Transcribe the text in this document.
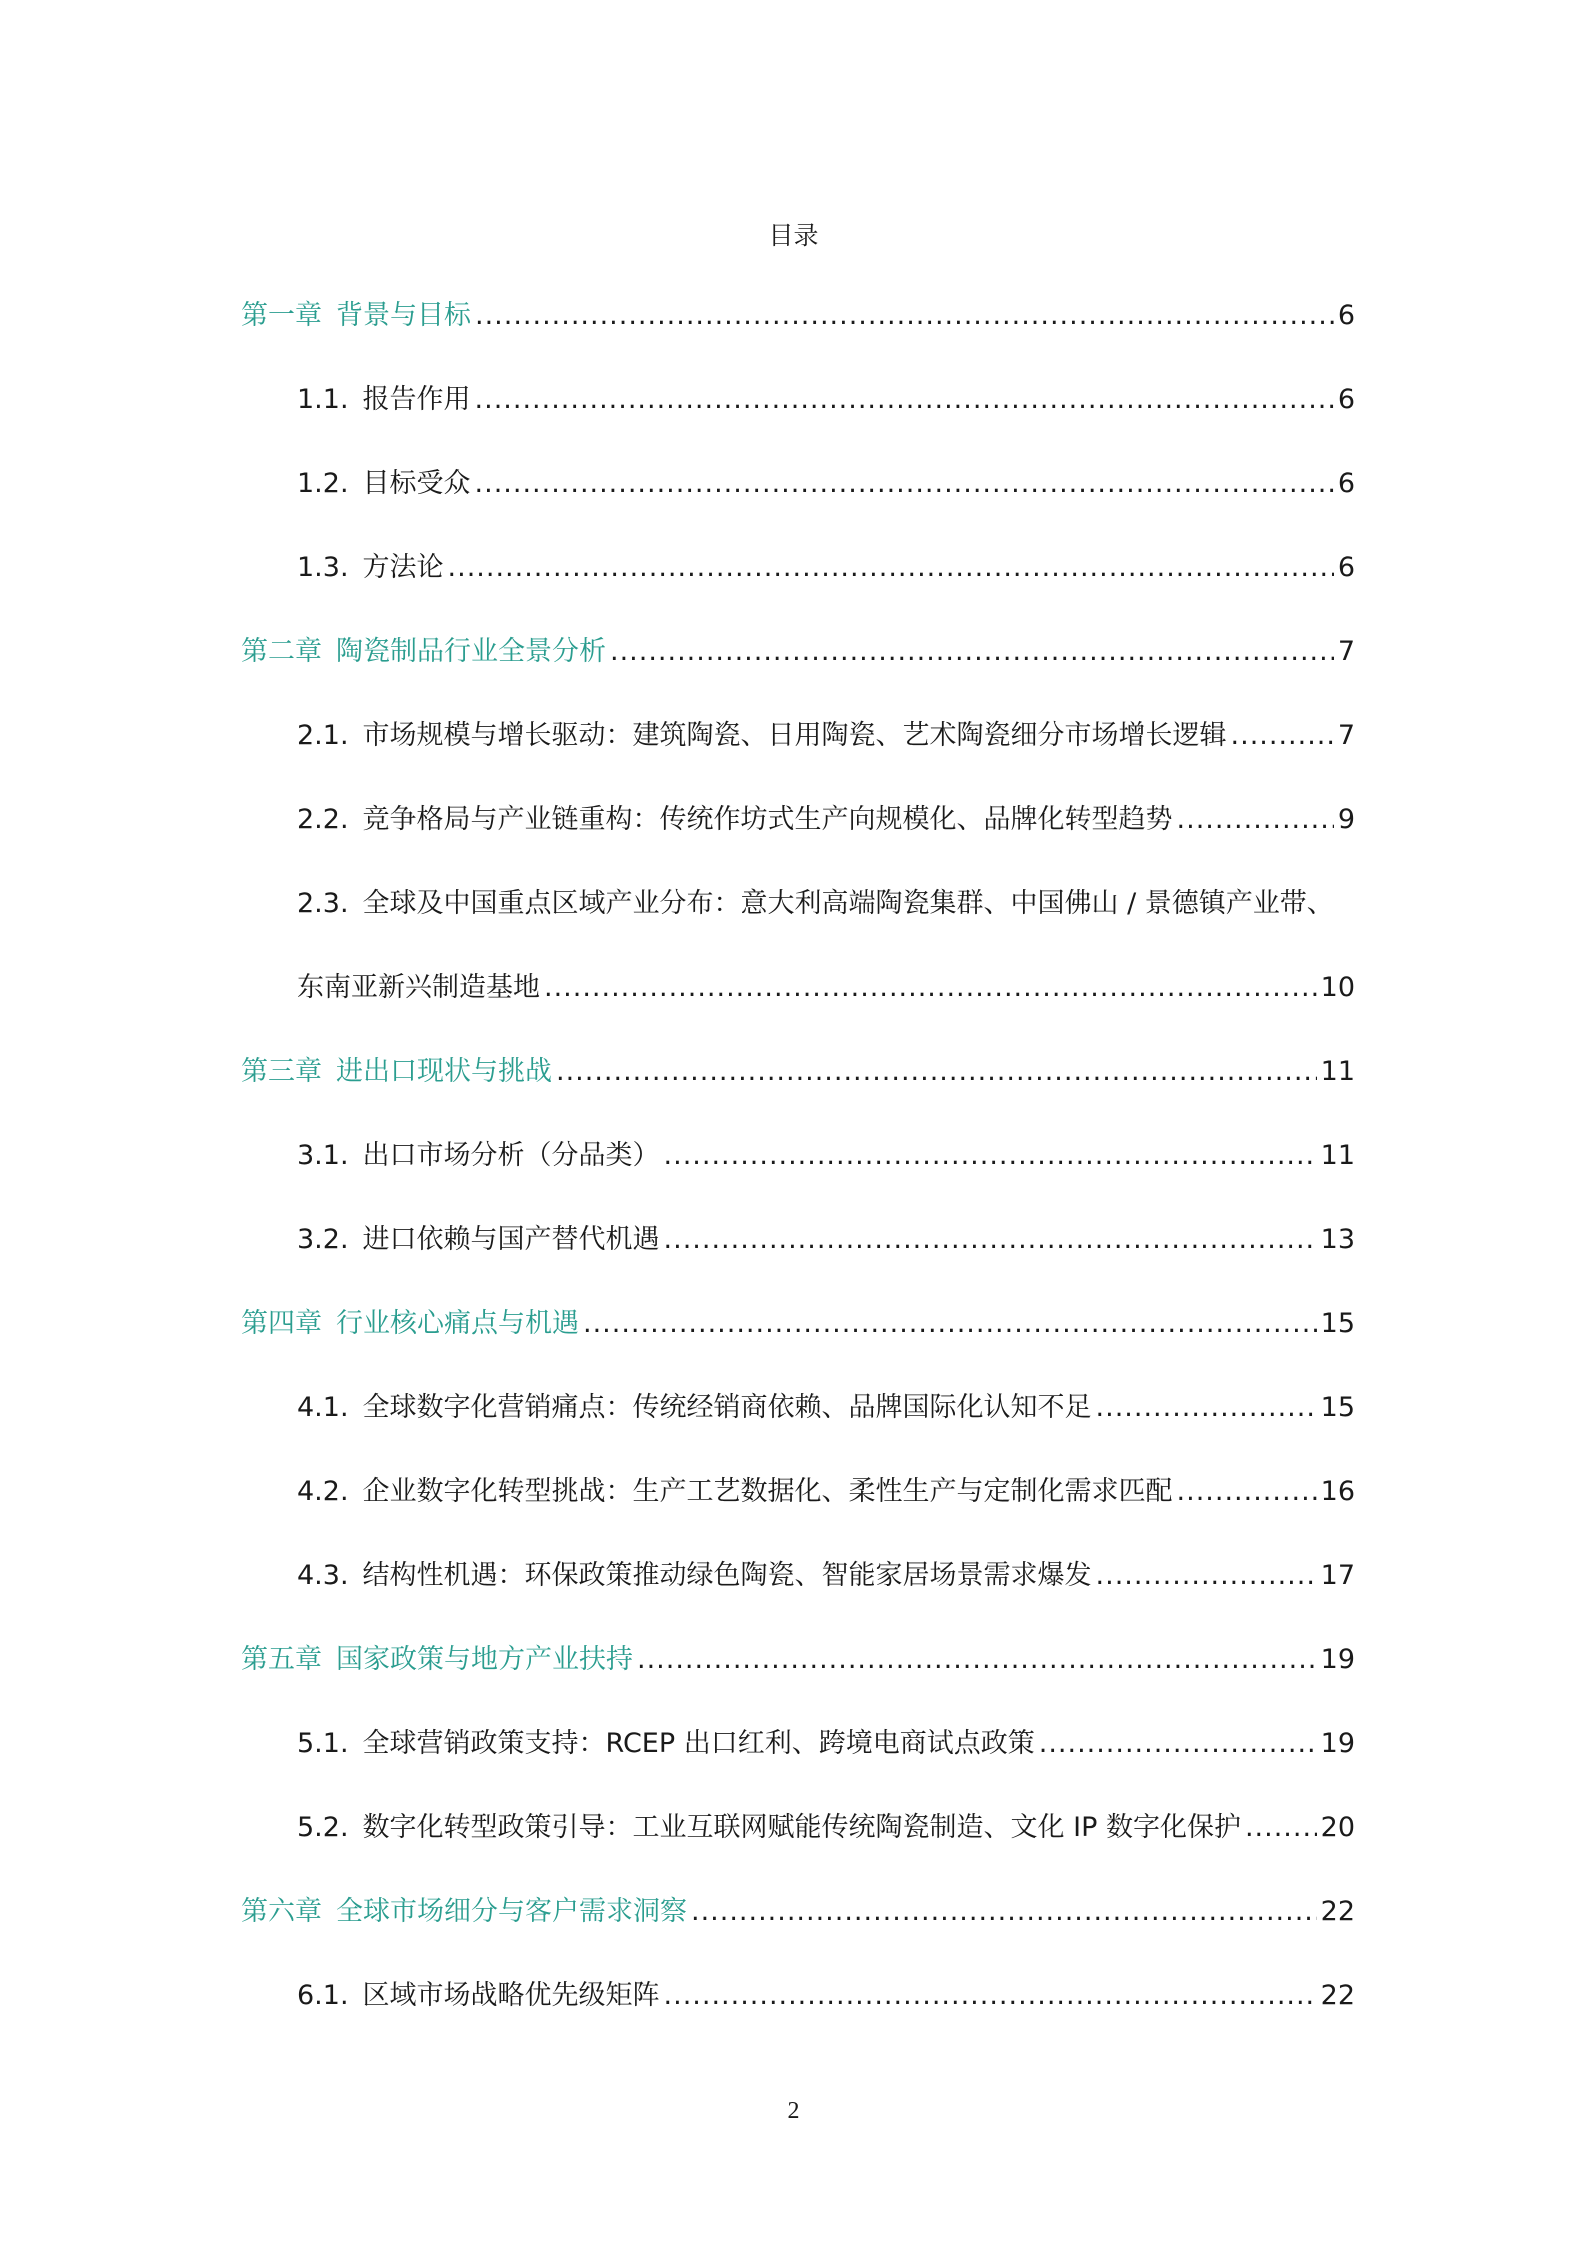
目录
第一章 背景与目标 .....	6
1.1. 报告作用 .....	6
1.2. 目标受众 .....	6
1.3. 方法论 .....	6
第二章 陶瓷制品行业全景分析 .....	7
2.1. 市场规模与增长驱动：建筑陶瓷、日用陶瓷、艺术陶瓷细分市场增长逻辑 .....	7
2.2. 竞争格局与产业链重构：传统作坊式生产向规模化、品牌化转型趋势 .....	9
2.3. 全球及中国重点区域产业分布：意大利高端陶瓷集群、中国佛山 / 景德镇产业带、
东南亚新兴制造基地 .....	10
第三章 进出口现状与挑战 .....	11
3.1. 出口市场分析（分品类） .....	11
3.2. 进口依赖与国产替代机遇 .....	13
第四章 行业核心痛点与机遇 .....	15
4.1. 全球数字化营销痛点：传统经销商依赖、品牌国际化认知不足 .....	15
4.2. 企业数字化转型挑战：生产工艺数据化、柔性生产与定制化需求匹配 .....	16
4.3. 结构性机遇：环保政策推动绿色陶瓷、智能家居场景需求爆发 .....	17
第五章 国家政策与地方产业扶持 .....	19
5.1. 全球营销政策支持：RCEP 出口红利、跨境电商试点政策 .....	19
5.2. 数字化转型政策引导：工业互联网赋能传统陶瓷制造、文化 IP 数字化保护 .....	20
第六章 全球市场细分与客户需求洞察 .....	22
6.1. 区域市场战略优先级矩阵 .....	22
2
